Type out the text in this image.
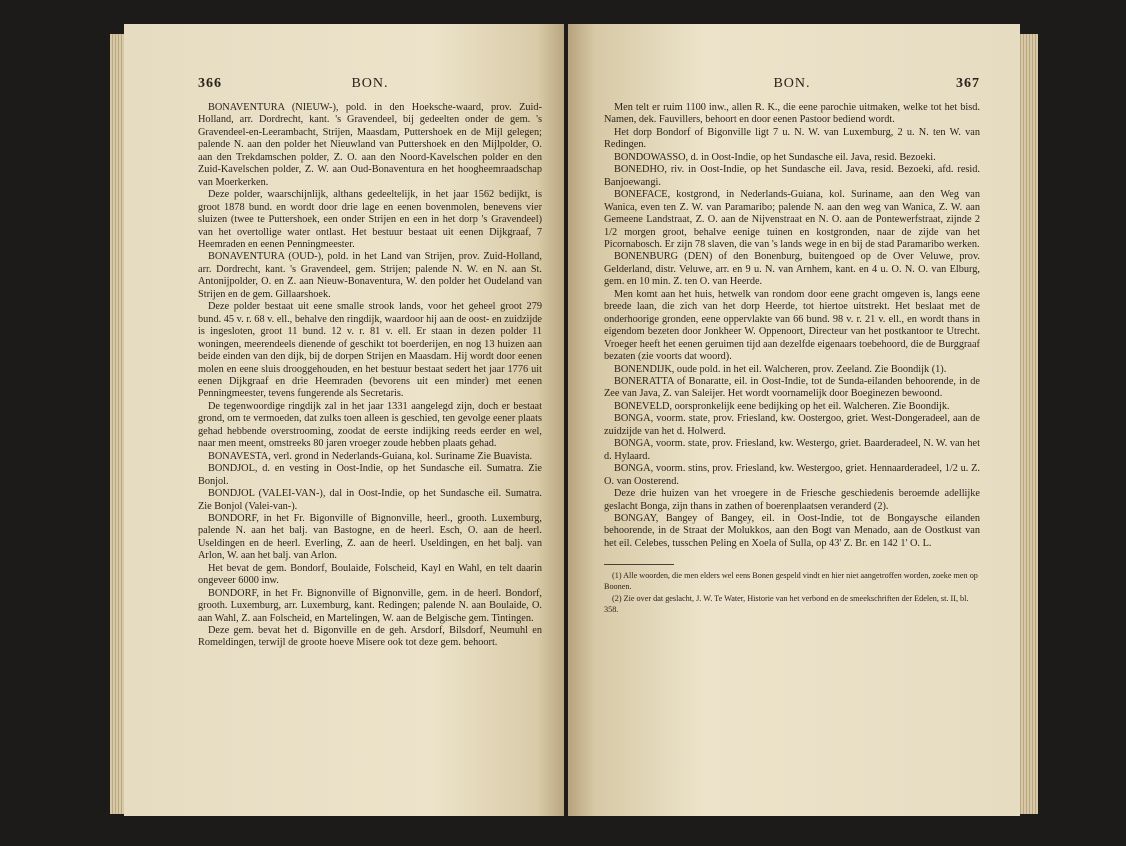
366	BON.

BONAVENTURA (NIEUW-), pold. in den Hoeksche-waard, prov. Zuid-Holland, arr. Dordrecht, kant. 's Gravendeel, bij gedeelten onder de gem. 's Gravendeel-en-Leerambacht, Strijen, Maasdam, Puttershoek en de Mijl gelegen; palende N. aan den polder het Nieuwland van Puttershoek en den Mijlpolder, O. aan den Trekdamschen polder, Z. O. aan den Noord-Kavelschen polder en den Zuid-Kavelschen polder, Z. W. aan Oud-Bonaventura en het hoogheemraadschap van Moerkerken.

Deze polder, waarschijnlijk, althans gedeeltelijk, in het jaar 1562 bedijkt, is groot 1878 bund. en wordt door drie lage en eenen bovenmolen, benevens vier sluizen (twee te Puttershoek, een onder Strijen en een in het dorp 's Gravendeel) van het overtollige water ontlast. Het bestuur bestaat uit eenen Dijkgraaf, 7 Heemraden en eenen Penningmeester.

BONAVENTURA (OUD-), pold. in het Land van Strijen, prov. Zuid-Holland, arr. Dordrecht, kant. 's Gravendeel, gem. Strijen; palende N. W. en N. aan St. Antonijpolder, O. en Z. aan Nieuw-Bonaventura, W. den polder het Oudeland van Strijen en de gem. Gillaarshoek.

Deze polder bestaat uit eene smalle strook lands, voor het geheel groot 279 bund. 45 v. r. 68 v. ell., behalve den ringdijk, waardoor hij aan de oost- en zuidzijde is ingesloten, groot 11 bund. 12 v. r. 81 v. ell. Er staan in dezen polder 11 woningen, meerendeels dienende of geschikt tot boerderijen, en nog 13 huizen aan beide einden van den dijk, bij de dorpen Strijen en Maasdam. Hij wordt door eenen molen en eene sluis drooggehouden, en het bestuur bestaat sedert het jaar 1776 uit eenen Dijkgraaf en drie Heemraden (bevorens uit een minder) met eenen Penningmeester, tevens fungerende als Secretaris.

De tegenwoordige ringdijk zal in het jaar 1331 aangelegd zijn, doch er bestaat grond, om te vermoeden, dat zulks toen alleen is geschied, ten gevolge eener plaats gehad hebbende overstrooming, zoodat de eerste indijking reeds eerder en wel, naar men meent, omstreeks 80 jaren vroeger zoude hebben plaats gehad.

BONAVESTA, verl. grond in Nederlands-Guiana, kol. Suriname Zie Buavista.

BONDJOL, d. en vesting in Oost-Indie, op het Sundasche eil. Sumatra. Zie Bonjol.

BONDJOL (VALEI-VAN-), dal in Oost-Indie, op het Sundasche eil. Sumatra. Zie Bonjol (Valei-van-).

BONDORF, in het Fr. Bigonville of Bignonville, heerl., grooth. Luxemburg, palende N. aan het balj. van Bastogne, en de heerl. Esch, O. aan de heerl. Useldingen en de heerl. Everling, Z. aan de heerl. Useldingen, en het balj. van Arlon, W. aan het balj. van Arlon.

Het bevat de gem. Bondorf, Boulaide, Folscheid, Kayl en Wahl, en telt daarin ongeveer 6000 inw.

BONDORF, in het Fr. Bignonville of Bignonville, gem. in de heerl. Bondorf, grooth. Luxemburg, arr. Luxemburg, kant. Redingen; palende N. aan Boulaide, O. aan Wahl, Z. aan Folscheid, en Martelingen, W. aan de Belgische gem. Tintingen.

Deze gem. bevat het d. Bigonville en de geh. Arsdorf, Bilsdorf, Neumuhl en Romeldingen, terwijl de groote hoeve Misere ook tot deze gem. behoort.

BON.	367

Men telt er ruim 1100 inw., allen R. K., die eene parochie uitmaken, welke tot het bisd. Namen, dek. Fauvillers, behoort en door eenen Pastoor bediend wordt.

Het dorp Bondorf of Bigonville ligt 7 u. N. W. van Luxemburg, 2 u. N. ten W. van Redingen.

BONDOWASSO, d. in Oost-Indie, op het Sundasche eil. Java, resid. Bezoeki.

BONEDHO, riv. in Oost-Indie, op het Sundasche eil. Java, resid. Bezoeki, afd. resid. Banjoewangi.

BONEFACE, kostgrond, in Nederlands-Guiana, kol. Suriname, aan den Weg van Wanica, even ten Z. W. van Paramaribo; palende N. aan den weg van Wanica, Z. W. aan Gemeene Landstraat, Z. O. aan de Nijvenstraat en N. O. aan de Pontewerfstraat, zijnde 2 1/2 morgen groot, behalve eenige tuinen en kostgronden, naar de zijde van het Picornabosch. Er zijn 78 slaven, die van 's lands wege in en bij de stad Paramaribo werken.

BONENBURG (DEN) of den Bonenburg, buitengoed op de Over Veluwe, prov. Gelderland, distr. Veluwe, arr. en 9 u. N. van Arnhem, kant. en 4 u. O. N. O. van Elburg, gem. en 10 min. Z. ten O. van Heerde.

Men komt aan het huis, hetwelk van rondom door eene gracht omgeven is, langs eene breede laan, die zich van het dorp Heerde, tot hiertoe uitstrekt. Het beslaat met de onderhoorige gronden, eene oppervlakte van 66 bund. 98 v. r. 21 v. ell., en wordt thans in eigendom bezeten door Jonkheer W. Oppenoort, Directeur van het postkantoor te Utrecht. Vroeger heeft het eenen geruimen tijd aan dezelfde eigenaars toebehoord, die de Burggraaf bezaten (zie voorts dat woord).

BONENDIJK, oude pold. in het eil. Walcheren, prov. Zeeland. Zie Boondijk (1).

BONERATTA of Bonaratte, eil. in Oost-Indie, tot de Sunda-eilanden behoorende, in de Zee van Java, Z. van Saleijer. Het wordt voornamelijk door Boeginezen bewoond.

BONEVELD, oorspronkelijk eene bedijking op het eil. Walcheren. Zie Boondijk.

BONGA, voorm. state, prov. Friesland, kw. Oostergoo, griet. West-Dongeradeel, aan de zuidzijde van het d. Holwerd.

BONGA, voorm. state, prov. Friesland, kw. Westergo, griet. Baarderadeel, N. W. van het d. Hylaard.

BONGA, voorm. stins, prov. Friesland, kw. Westergoo, griet. Hennaarderadeel, 1/2 u. Z. O. van Oosterend.

Deze drie huizen van het vroegere in de Friesche geschiedenis beroemde adellijke geslacht Bonga, zijn thans in zathen of boerenplaatsen veranderd (2).

BONGAY, Bangey of Bangey, eil. in Oost-Indie, tot de Bongaysche eilanden behoorende, in de Straat der Molukkos, aan den Bogt van Menado, aan de Oostkust van het eil. Celebes, tusschen Peling en Xoela of Sulla, op 43' Z. Br. en 142 1' O. L.

(1) Alle woorden, die men elders wel eens Bonen gespeld vindt en hier niet aangetroffen worden, zoeke men op Boonen.

(2) Zie over dat geslacht, J. W. Te Water, Historie van het verbond en de smeekschriften der Edelen, st. II, bl. 358.
